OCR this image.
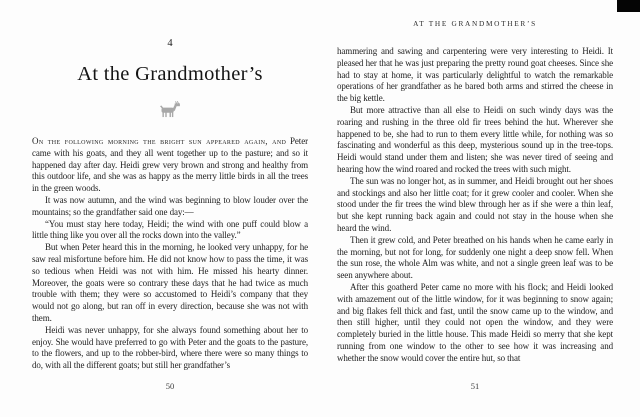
4
At the Grandmother’s

On the following morning the bright sun appeared again, and Peter came with his goats, and they all went together up to the pasture; and so it happened day after day. Heidi grew very brown and strong and healthy from this outdoor life, and she was as happy as the merry little birds in all the trees in the green woods.

It was now autumn, and the wind was beginning to blow louder over the mountains; so the grandfather said one day:—

“You must stay here today, Heidi; the wind with one puff could blow a little thing like you over all the rocks down into the valley.”

But when Peter heard this in the morning, he looked very unhappy, for he saw real misfortune before him. He did not know how to pass the time, it was so tedious when Heidi was not with him. He missed his hearty dinner. Moreover, the goats were so contrary these days that he had twice as much trouble with them; they were so accustomed to Heidi’s company that they would not go along, but ran off in every direction, because she was not with them.

Heidi was never unhappy, for she always found something about her to enjoy. She would have preferred to go with Peter and the goats to the pasture, to the flowers, and up to the robber-bird, where there were so many things to do, with all the different goats; but still her grandfather’s

50
AT THE GRANDMOTHER’S

hammering and sawing and carpentering were very interesting to Heidi. It pleased her that he was just preparing the pretty round goat cheeses. Since she had to stay at home, it was particularly delightful to watch the remarkable operations of her grandfather as he bared both arms and stirred the cheese in the big kettle.

But more attractive than all else to Heidi on such windy days was the roaring and rushing in the three old fir trees behind the hut. Wherever she happened to be, she had to run to them every little while, for nothing was so fascinating and wonderful as this deep, mysterious sound up in the tree-tops. Heidi would stand under them and listen; she was never tired of seeing and hearing how the wind roared and rocked the trees with such might.

The sun was no longer hot, as in summer, and Heidi brought out her shoes and stockings and also her little coat; for it grew cooler and cooler. When she stood under the fir trees the wind blew through her as if she were a thin leaf, but she kept running back again and could not stay in the house when she heard the wind.

Then it grew cold, and Peter breathed on his hands when he came early in the morning, but not for long, for suddenly one night a deep snow fell. When the sun rose, the whole Alm was white, and not a single green leaf was to be seen anywhere about.

After this goatherd Peter came no more with his flock; and Heidi looked with amazement out of the little window, for it was beginning to snow again; and big flakes fell thick and fast, until the snow came up to the window, and then still higher, until they could not open the window, and they were completely buried in the little house. This made Heidi so merry that she kept running from one window to the other to see how it was increasing and whether the snow would cover the entire hut, so that

51
